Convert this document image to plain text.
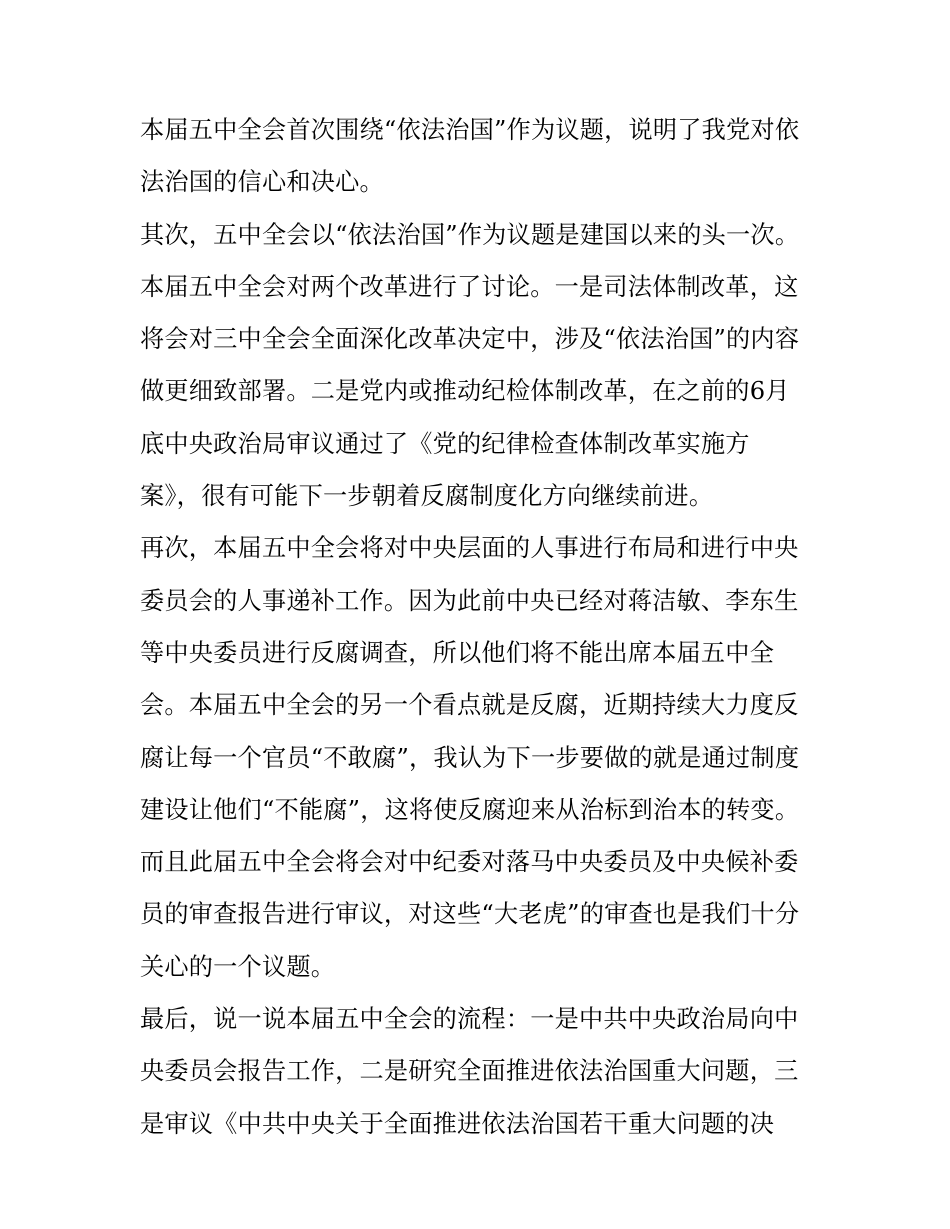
本届五中全会首次围绕“依法治国”作为议题，说明了我党对依
法治国的信心和决心。
其次，五中全会以“依法治国”作为议题是建国以来的头一次。
本届五中全会对两个改革进行了讨论。一是司法体制改革，这
将会对三中全会全面深化改革决定中，涉及“依法治国”的内容
做更细致部署。二是党内或推动纪检体制改革，在之前的6月
底中央政治局审议通过了《党的纪律检查体制改革实施方
案》，很有可能下一步朝着反腐制度化方向继续前进。
再次，本届五中全会将对中央层面的人事进行布局和进行中央
委员会的人事递补工作。因为此前中央已经对蒋洁敏、李东生
等中央委员进行反腐调查，所以他们将不能出席本届五中全
会。本届五中全会的另一个看点就是反腐，近期持续大力度反
腐让每一个官员“不敢腐”，我认为下一步要做的就是通过制度
建设让他们“不能腐”，这将使反腐迎来从治标到治本的转变。
而且此届五中全会将会对中纪委对落马中央委员及中央候补委
员的审查报告进行审议，对这些“大老虎”的审查也是我们十分
关心的一个议题。
最后，说一说本届五中全会的流程：一是中共中央政治局向中
央委员会报告工作，二是研究全面推进依法治国重大问题，三
是审议《中共中央关于全面推进依法治国若干重大问题的决
